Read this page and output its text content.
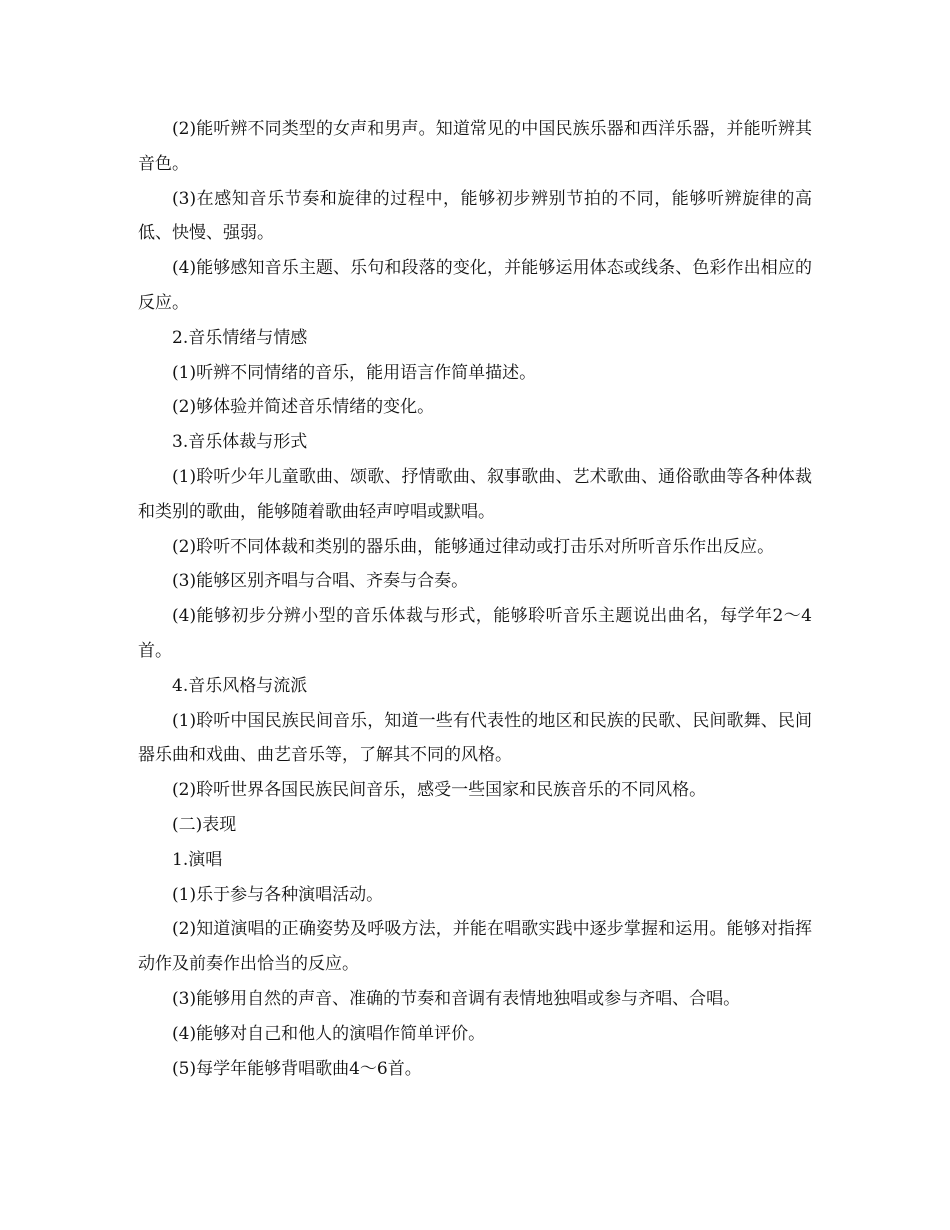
(2)能听辨不同类型的女声和男声。知道常见的中国民族乐器和西洋乐器，并能听辨其音色。

(3)在感知音乐节奏和旋律的过程中，能够初步辨别节拍的不同，能够听辨旋律的高低、快慢、强弱。

(4)能够感知音乐主题、乐句和段落的变化，并能够运用体态或线条、色彩作出相应的反应。

2.音乐情绪与情感

(1)听辨不同情绪的音乐，能用语言作简单描述。

(2)够体验并简述音乐情绪的变化。

3.音乐体裁与形式

(1)聆听少年儿童歌曲、颂歌、抒情歌曲、叙事歌曲、艺术歌曲、通俗歌曲等各种体裁和类别的歌曲，能够随着歌曲轻声哼唱或默唱。

(2)聆听不同体裁和类别的器乐曲，能够通过律动或打击乐对所听音乐作出反应。

(3)能够区别齐唱与合唱、齐奏与合奏。

(4)能够初步分辨小型的音乐体裁与形式，能够聆听音乐主题说出曲名，每学年2～4首。

4.音乐风格与流派

(1)聆听中国民族民间音乐，知道一些有代表性的地区和民族的民歌、民间歌舞、民间器乐曲和戏曲、曲艺音乐等，了解其不同的风格。

(2)聆听世界各国民族民间音乐，感受一些国家和民族音乐的不同风格。

(二)表现

1.演唱

(1)乐于参与各种演唱活动。

(2)知道演唱的正确姿势及呼吸方法，并能在唱歌实践中逐步掌握和运用。能够对指挥动作及前奏作出恰当的反应。

(3)能够用自然的声音、准确的节奏和音调有表情地独唱或参与齐唱、合唱。

(4)能够对自己和他人的演唱作简单评价。

(5)每学年能够背唱歌曲4～6首。
